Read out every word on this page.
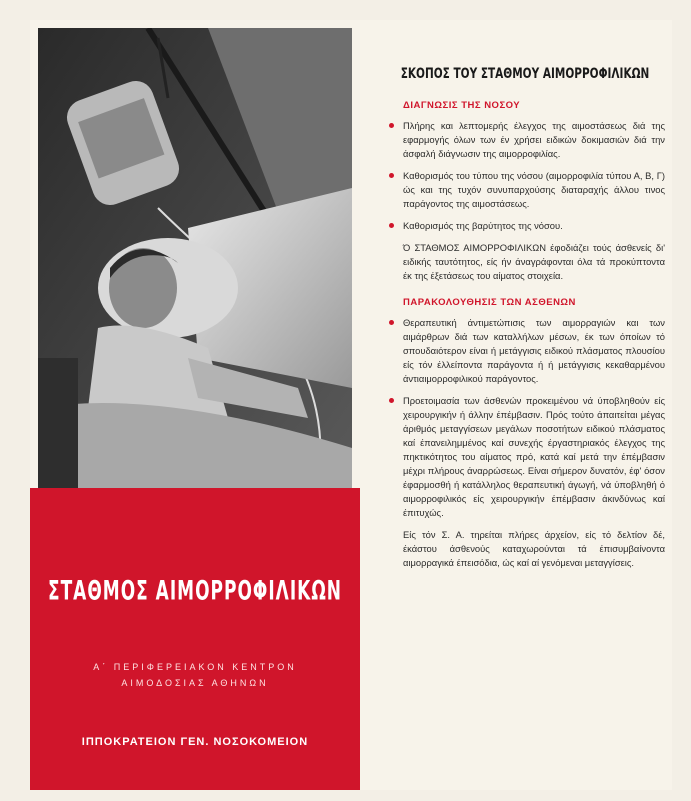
ΣΤΑΘΜΟΣ ΑΙΜΟΡΡΟΦΙΛΙΚΩΝ
Α΄ ΠΕΡΙΦΕΡΕΙΑΚΟΝ ΚΕΝΤΡΟΝ
ΑΙΜΟΔΟΣΙΑΣ ΑΘΗΝΩΝ
ΙΠΠΟΚΡΑΤΕΙΟΝ ΓΕΝ. ΝΟΣΟΚΟΜΕΙΟΝ
ΣΚΟΠΟΣ ΤΟΥ ΣΤΑΘΜΟΥ ΑΙΜΟΡΡΟΦΙΛΙΚΩΝ
ΔΙΑΓΝΩΣΙΣ ΤΗΣ ΝΟΣΟΥ
Πλήρης και λεπτομερής έλεγχος της αιμοστάσεως διά της εφαρμογής όλων των έν χρήσει ειδικών δοκιμασιών διά την άσφαλή διάγνωσιν της αιμορροφιλίας.
Καθορισμός του τύπου της νόσου (αιμορροφιλία τύπου Α, Β, Γ) ώς και της τυχόν συνυπαρχούσης διαταραχής άλλου τινος παράγοντος της αιμοστάσεως.
Καθορισμός της βαρύτητος της νόσου.

Ό ΣΤΑΘΜΟΣ ΑΙΜΟΡΡΟΦΙΛΙΚΩΝ έφοδιάζει τούς άσθενείς δι' ειδικής ταυτότητος, είς ήν άναγράφονται όλα τά προκύπτοντα έκ της έξετάσεως του αίματος στοιχεία.

ΠΑΡΑΚΟΛΟΥΘΗΣΙΣ ΤΩΝ ΑΣΘΕΝΩΝ
Θεραπευτική άντιμετώπισις των αιμορραγιών και των αιμάρθρων διά των καταλλήλων μέσων, έκ των όποίων τό σπουδαιότερον είναι ή μετάγγισις ειδικού πλάσματος πλουσίου είς τόν έλλείποντα παράγοντα ή ή μετάγγισις κεκαθαρμένου άντιαιμορροφιλικού παράγοντος.
Προετοιμασία των άσθενών προκειμένου νά ύποβληθούν είς χειρουργικήν ή άλλην έπέμβασιν. Πρός τούτο άπαιτείται μέγας άριθμός μεταγγίσεων μεγάλων ποσοτήτων ειδικού πλάσματος καί έπανειλημμένος καί συνεχής έργαστηριακός έλεγχος της πηκτικότητος του αίματος πρό, κατά καί μετά την έπέμβασιν μέχρι πλήρους άναρρώσεως. Είναι σήμερον δυνατόν, έφ' όσον έφαρμοσθή ή κατάλληλος θεραπευτική άγωγή, νά ύποβληθή ό αιμορροφιλικός είς χειρουργικήν έπέμβασιν άκινδύνως καί έπιτυχώς.

Είς τόν Σ. Α. τηρείται πλήρες άρχείον, είς τό δελτίον δέ, έκάστου άσθενούς καταχωρούνται τά έπισυμβαίνοντα αιμορραγικά έπεισόδια, ώς καί αί γενόμεναι μεταγγίσεις.
